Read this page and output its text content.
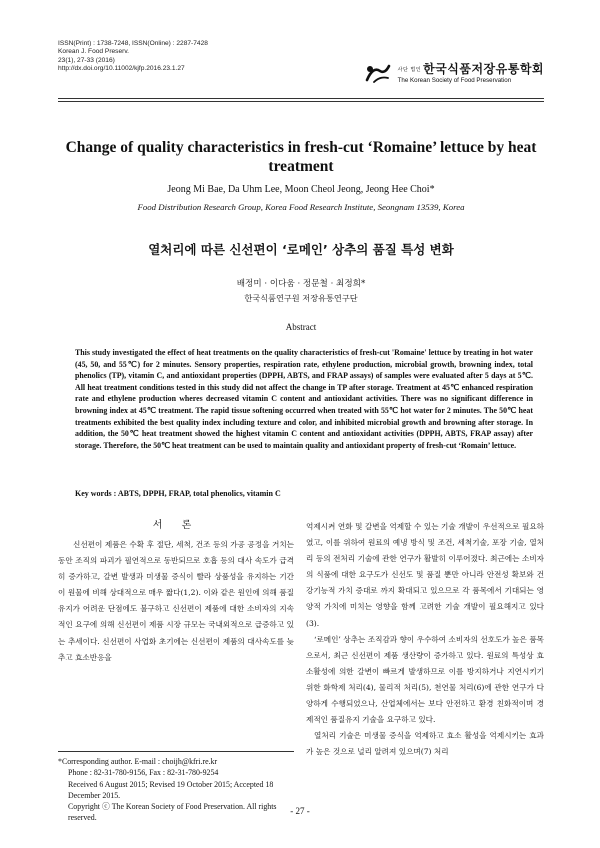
ISSN(Print) : 1738-7248, ISSN(Online) : 2287-7428
Korean J. Food Preserv.
23(1), 27-33 (2016)
http://dx.doi.org/10.11002/kjfp.2016.23.1.27	사단 법인 한국식품저장유통학회
The Korean Society of Food Preservation
Change of quality characteristics in fresh-cut ‘Romaine’ lettuce by heat treatment
Jeong Mi Bae, Da Uhm Lee, Moon Cheol Jeong, Jeong Hee Choi*
Food Distribution Research Group, Korea Food Research Institute, Seongnam 13539, Korea
열처리에 따른 신선편이 ‘로메인’ 상추의 품질 특성 변화
배정미 · 이다움 · 정문철 · 최정희*
한국식품연구원 저장유통연구단
Abstract
This study investigated the effect of heat treatments on the quality characteristics of fresh-cut 'Romaine' lettuce by treating in hot water (45, 50, and 55℃) for 2 minutes. Sensory properties, respiration rate, ethylene production, microbial growth, browning index, total phenolics (TP), vitamin C, and antioxidant properties (DPPH, ABTS, and FRAP assays) of samples were evaluated after 5 days at 5℃. All heat treatment conditions tested in this study did not affect the change in TP after storage. Treatment at 45℃ enhanced respiration rate and ethylene production wheres decreased vitamin C content and antioxidant activities. There was no significant difference in browning index at 45℃ treatment. The rapid tissue softening occurred when treated with 55℃ hot water for 2 minutes. The 50℃ heat treatments exhibited the best quality index including texture and color, and inhibited microbial growth and browning after storage. In addition, the 50℃ heat treatment showed the highest vitamin C content and antioxidant activities (DPPH, ABTS, FRAP assay) after storage. Therefore, the 50℃ heat treatment can be used to maintain quality and antioxidant property of fresh-cut ‘Romain’ lettuce.
Key words : ABTS, DPPH, FRAP, total phenolics, vitamin C
서 론
신선편이 제품은 수확 후 절단, 세척, 건조 등의 가공 공정을 거치는 동안 조직의 파괴가 필연적으로 동반되므로 호흡 등의 대사 속도가 급격히 증가하고, 갈변 발생과 미생물 증식이 빨라 상품성을 유지하는 기간이 원물에 비해 상대적으로 매우 짧다(1,2). 이와 같은 원인에 의해 품질 유지가 어려운 단점에도 불구하고 신선편이 제품에 대한 소비자의 지속적인 요구에 의해 신선편이 제품 시장 규모는 국내외적으로 급증하고 있는 추세이다. 신선편이 사업화 초기에는 신선편이 제품의 대사속도를 늦추고 효소반응을
억제시켜 연화 및 갈변을 억제할 수 있는 기술 개발이 우선적으로 필요하였고, 이를 위하여 원료의 예냉 방식 및 조건, 세척기술, 포장 기술, 열처리 등의 전처리 기술에 관한 연구가 활발히 이루어졌다. 최근에는 소비자의 식품에 대한 요구도가 신선도 및 품질 뿐만 아니라 안전성 확보와 건강기능적 가치 증대로 까지 확대되고 있으므로 각 품목에서 기대되는 영양적 가치에 미치는 영향을 함께 고려한 기술 개발이 필요해지고 있다(3).
‘로메인’ 상추는 조직감과 향이 우수하여 소비자의 선호도가 높은 품목으로서, 최근 신선편이 제품 생산량이 증가하고 있다. 원료의 특성상 효소활성에 의한 갈변이 빠르게 발생하므로 이를 방지하거나 지연시키기 위한 화학제 처리(4), 물리적 처리(5), 천연물 처리(6)에 관한 연구가 다양하게 수행되었으나, 산업체에서는 보다 안전하고 환경 친화적이며 경제적인 품질유지 기술을 요구하고 있다.
열처리 기술은 미생물 증식을 억제하고 효소 활성을 억제시키는 효과가 높은 것으로 널리 알려져 있으며(7) 처리
*Corresponding author. E-mail : choijh@kfri.re.kr
Phone : 82-31-780-9156, Fax : 82-31-780-9254
Received 6 August 2015; Revised 19 October 2015; Accepted 18 December 2015.
Copyright ⓒ The Korean Society of Food Preservation. All rights reserved.
- 27 -
